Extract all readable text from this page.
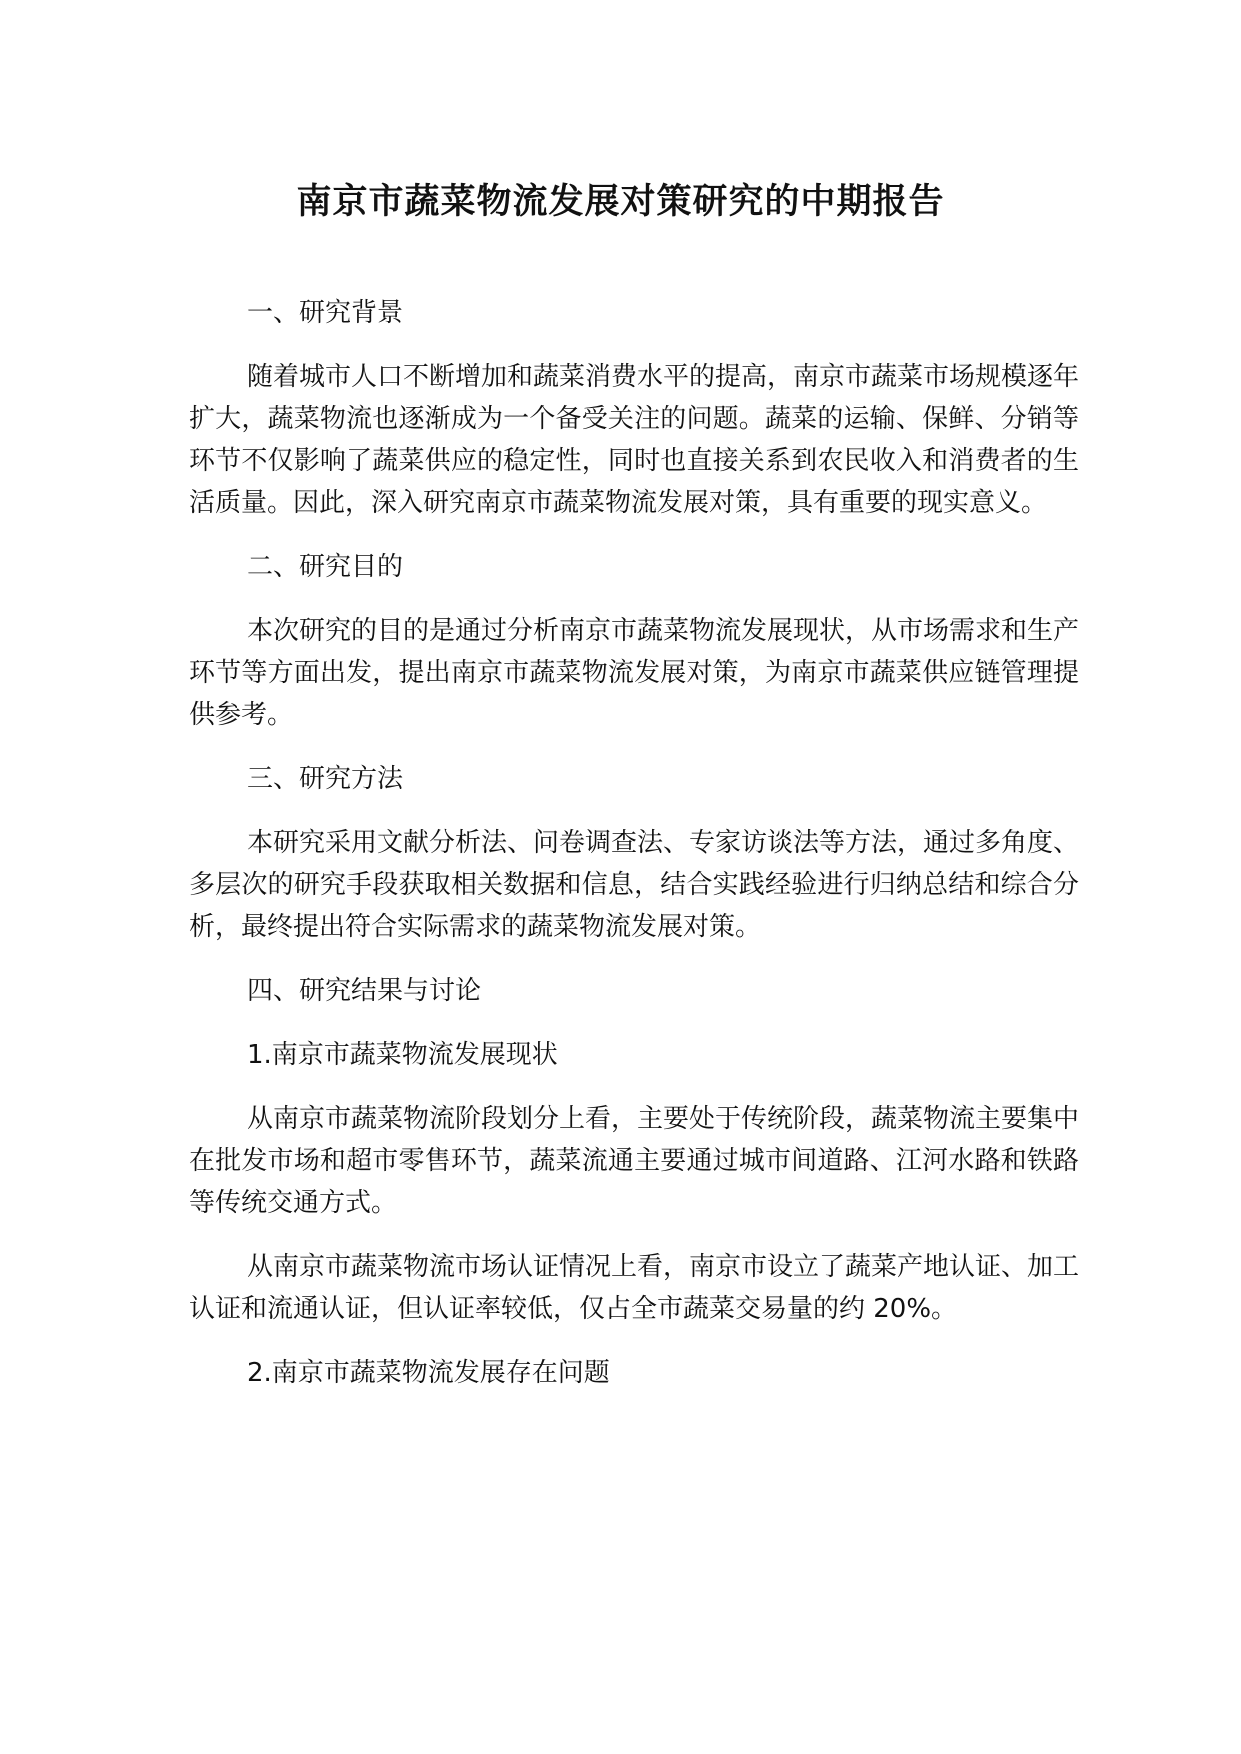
南京市蔬菜物流发展对策研究的中期报告

一、研究背景

随着城市人口不断增加和蔬菜消费水平的提高，南京市蔬菜市场规模逐年扩大，蔬菜物流也逐渐成为一个备受关注的问题。蔬菜的运输、保鲜、分销等环节不仅影响了蔬菜供应的稳定性，同时也直接关系到农民收入和消费者的生活质量。因此，深入研究南京市蔬菜物流发展对策，具有重要的现实意义。

二、研究目的

本次研究的目的是通过分析南京市蔬菜物流发展现状，从市场需求和生产环节等方面出发，提出南京市蔬菜物流发展对策，为南京市蔬菜供应链管理提供参考。

三、研究方法

本研究采用文献分析法、问卷调查法、专家访谈法等方法，通过多角度、多层次的研究手段获取相关数据和信息，结合实践经验进行归纳总结和综合分析，最终提出符合实际需求的蔬菜物流发展对策。

四、研究结果与讨论

1.南京市蔬菜物流发展现状

从南京市蔬菜物流阶段划分上看，主要处于传统阶段，蔬菜物流主要集中在批发市场和超市零售环节，蔬菜流通主要通过城市间道路、江河水路和铁路等传统交通方式。

从南京市蔬菜物流市场认证情况上看，南京市设立了蔬菜产地认证、加工认证和流通认证，但认证率较低，仅占全市蔬菜交易量的约 20%。

2.南京市蔬菜物流发展存在问题
